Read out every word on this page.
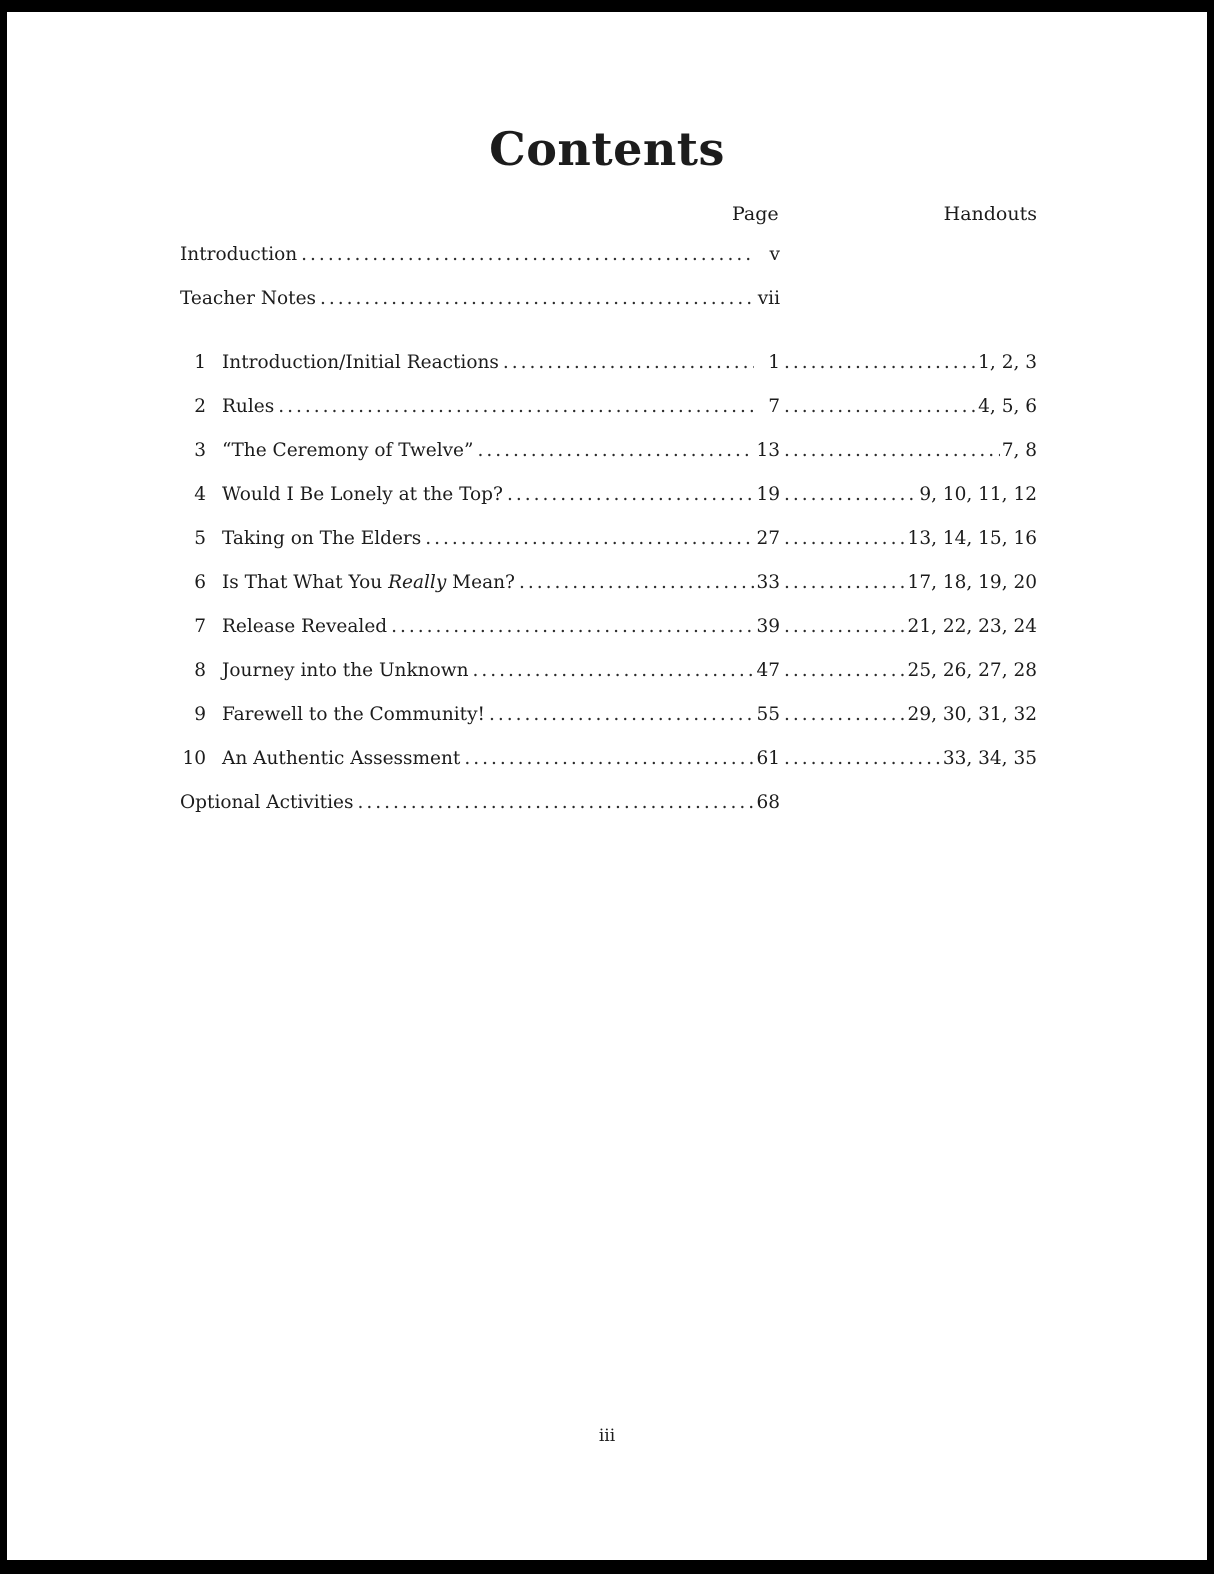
Contents
Page	Handouts
Introduction .....	v
Teacher Notes .....	vii
1 Introduction/Initial Reactions .....	1 .....	1, 2, 3
2 Rules .....	7 .....	4, 5, 6
3 “The Ceremony of Twelve” .....	13 .....	7, 8
4 Would I Be Lonely at the Top? .....	19 .....	9, 10, 11, 12
5 Taking on The Elders .....	27 .....	13, 14, 15, 16
6 Is That What You Really Mean? .....	33 .....	17, 18, 19, 20
7 Release Revealed .....	39 .....	21, 22, 23, 24
8 Journey into the Unknown .....	47 .....	25, 26, 27, 28
9 Farewell to the Community! .....	55 .....	29, 30, 31, 32
10 An Authentic Assessment .....	61 .....	33, 34, 35
Optional Activities .....	68
iii
